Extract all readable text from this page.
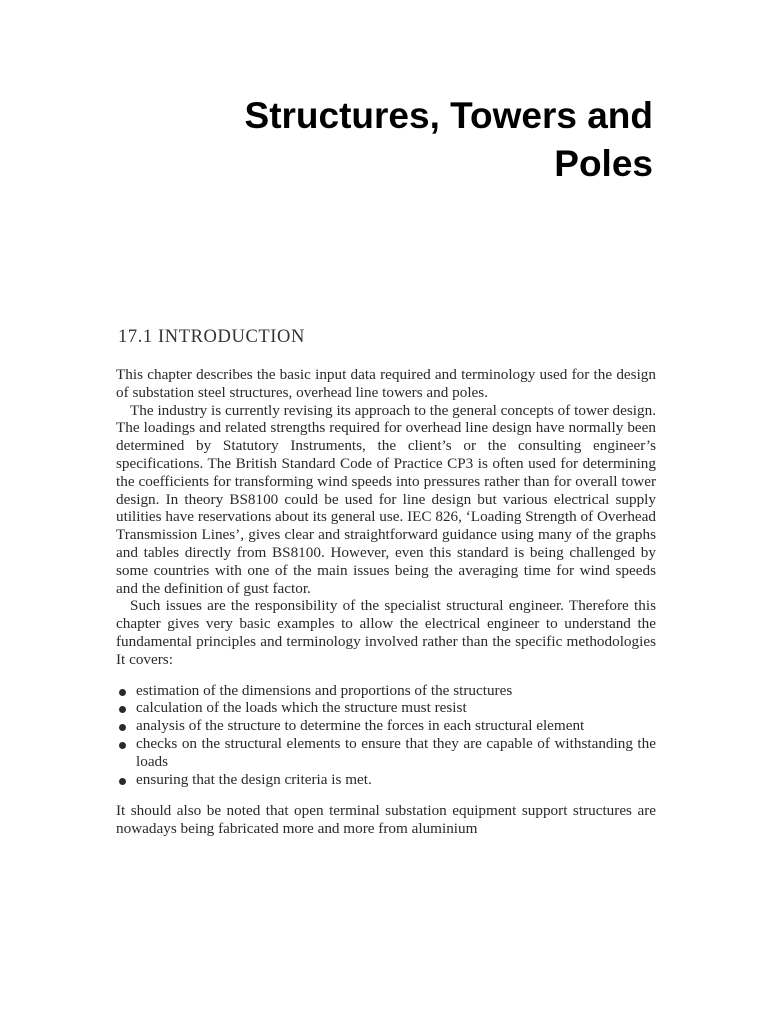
Structures, Towers and
Poles
17.1 INTRODUCTION

This chapter describes the basic input data required and terminology used for the design of substation steel structures, overhead line towers and poles.

The industry is currently revising its approach to the general concepts of tower design. The loadings and related strengths required for overhead line design have normally been determined by Statutory Instruments, the client’s or the consulting engineer’s specifications. The British Standard Code of Practice CP3 is often used for determining the coefficients for transforming wind speeds into pressures rather than for overall tower design. In theory BS8100 could be used for line design but various electrical supply utilities have reservations about its general use. IEC 826, ‘Loading Strength of Overhead Transmission Lines’, gives clear and straightforward guidance using many of the graphs and tables directly from BS8100. However, even this standard is being challenged by some countries with one of the main issues being the averaging time for wind speeds and the definition of gust factor.

Such issues are the responsibility of the specialist structural engineer. Therefore this chapter gives very basic examples to allow the electrical engineer to understand the fundamental principles and terminology involved rather than the specific methodologies It covers:

estimation of the dimensions and proportions of the structures
calculation of the loads which the structure must resist
analysis of the structure to determine the forces in each structural element
checks on the structural elements to ensure that they are capable of withstanding the loads
ensuring that the design criteria is met.

It should also be noted that open terminal substation equipment support structures are nowadays being fabricated more and more from aluminium
